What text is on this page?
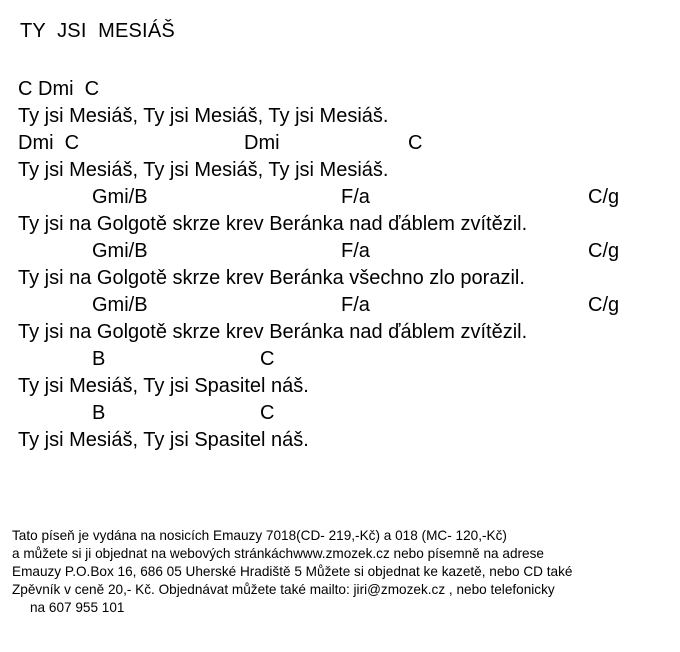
TY  JSI  MESIÁŠ

C Dmi  C

Ty jsi Mesiáš, Ty jsi Mesiáš, Ty jsi Mesiáš.

Dmi  C

	Dmi

	C

Ty jsi Mesiáš, Ty jsi Mesiáš, Ty jsi Mesiáš.

Gmi/B

	F/a

	C/g

Ty jsi na Golgotě skrze krev Beránka nad ďáblem zvítězil.

Gmi/B

	F/a

	C/g

Ty jsi na Golgotě skrze krev Beránka všechno zlo porazil.

Gmi/B

	F/a

	C/g

Ty jsi na Golgotě skrze krev Beránka nad ďáblem zvítězil.

B

	C

Ty jsi Mesiáš, Ty jsi Spasitel náš.

B

	C

Ty jsi Mesiáš, Ty jsi Spasitel náš.
Tato píseň je vydána na nosicích Emauzy 7018(CD- 219,-Kč) a 018 (MC- 120,-Kč)
a můžete si ji objednat na webových stránkáchwww.zmozek.cz nebo písemně na adrese
Emauzy P.O.Box 16, 686 05 Uherské Hradiště 5 Můžete si objednat ke kazetě, nebo CD také
Zpěvník v ceně 20,- Kč. Objednávat můžete také mailto: jiri@zmozek.cz , nebo telefonicky
na 607 955 101
